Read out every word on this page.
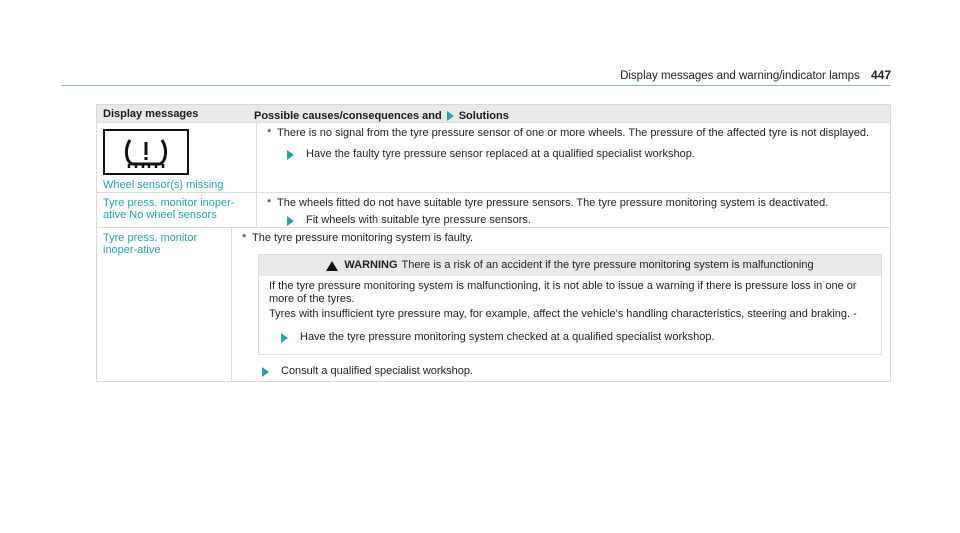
Display messages and warning/indicator lamps 447
Display messages	Possible causes/consequences and Solutions
Wheel sensor(s) missing
* There is no signal from the tyre pressure sensor of one or more wheels. The pressure of the affected tyre is not displayed.
Have the faulty tyre pressure sensor replaced at a qualified specialist workshop.
Tyre press. monitor inoper-ative No wheel sensors
* The wheels fitted do not have suitable tyre pressure sensors. The tyre pressure monitoring system is deactivated.
Fit wheels with suitable tyre pressure sensors.
Tyre press. monitor inoper-ative
* The tyre pressure monitoring system is faulty.
WARNING There is a risk of an accident if the tyre pressure monitoring system is malfunctioning

If the tyre pressure monitoring system is malfunctioning, it is not able to issue a warning if there is pressure loss in one or more of the tyres.

Tyres with insufficient tyre pressure may, for example, affect the vehicle's handling characteristics, steering and braking. -

Have the tyre pressure monitoring system checked at a qualified specialist workshop.
Consult a qualified specialist workshop.
